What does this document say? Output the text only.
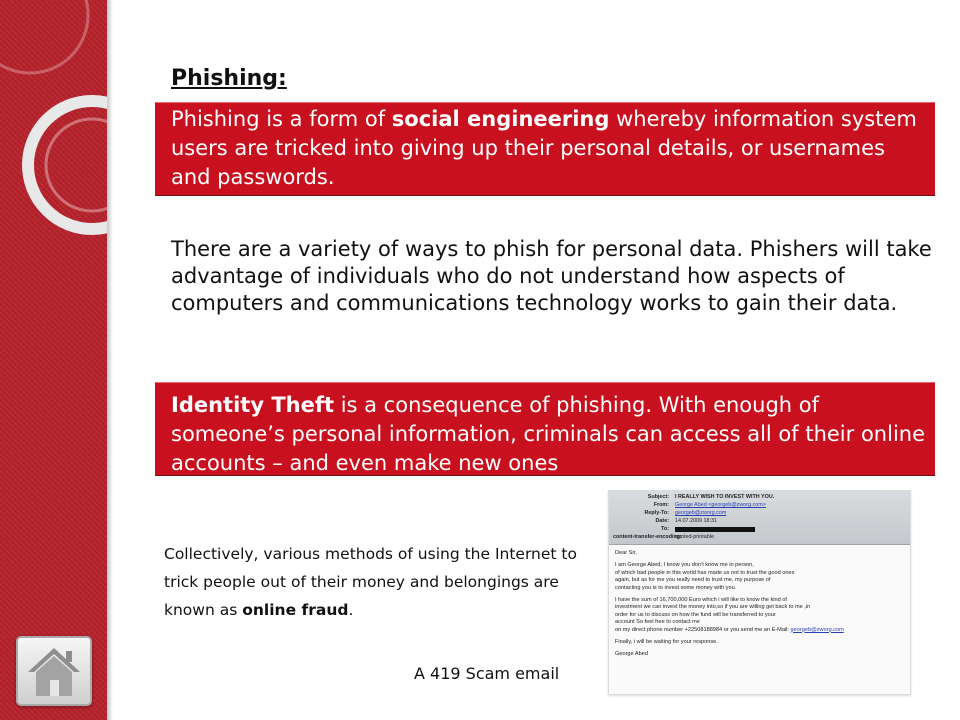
Phishing:
Phishing is a form of social engineering whereby information system users are tricked into giving up their personal details, or usernames and passwords.

There are a variety of ways to phish for personal data. Phishers will take advantage of individuals who do not understand how aspects of computers and communications technology works to gain their data.

Identity Theft is a consequence of phishing. With enough of someone’s personal information, criminals can access all of their online accounts – and even make new ones

Collectively, various methods of using the Internet to trick people out of their money and belongings are known as online fraud.

Subject: I REALLY WISH TO INVEST WITH YOU.
From: George Abed <georgeb@zworg.com>
Reply-To: georgeb@zworg.com
Date: 14.07.2009 18:31
To:
content-transfer-encoding:
quoted-printable

Dear Sir,

I am George Abed, I know you don't know me in person,
of which bad people in this world has made us not to trust the good ones
again, but as for me you really need to trust me, my purpose of
contacting you is to invest some money with you.

I have the sum of 16,700,000 Euro which i will like to know the kind of
investment we can invest the money into,so if you are willing get back to me ,in
order for us to discuss on how the fund will be transferred to your
account So feel free to contact me
on my direct phone number +22508188984 or you send me an E-Mail: georgeb@zworg.com

Finally, i will be waiting for your response.

George Abed

A 419 Scam email
